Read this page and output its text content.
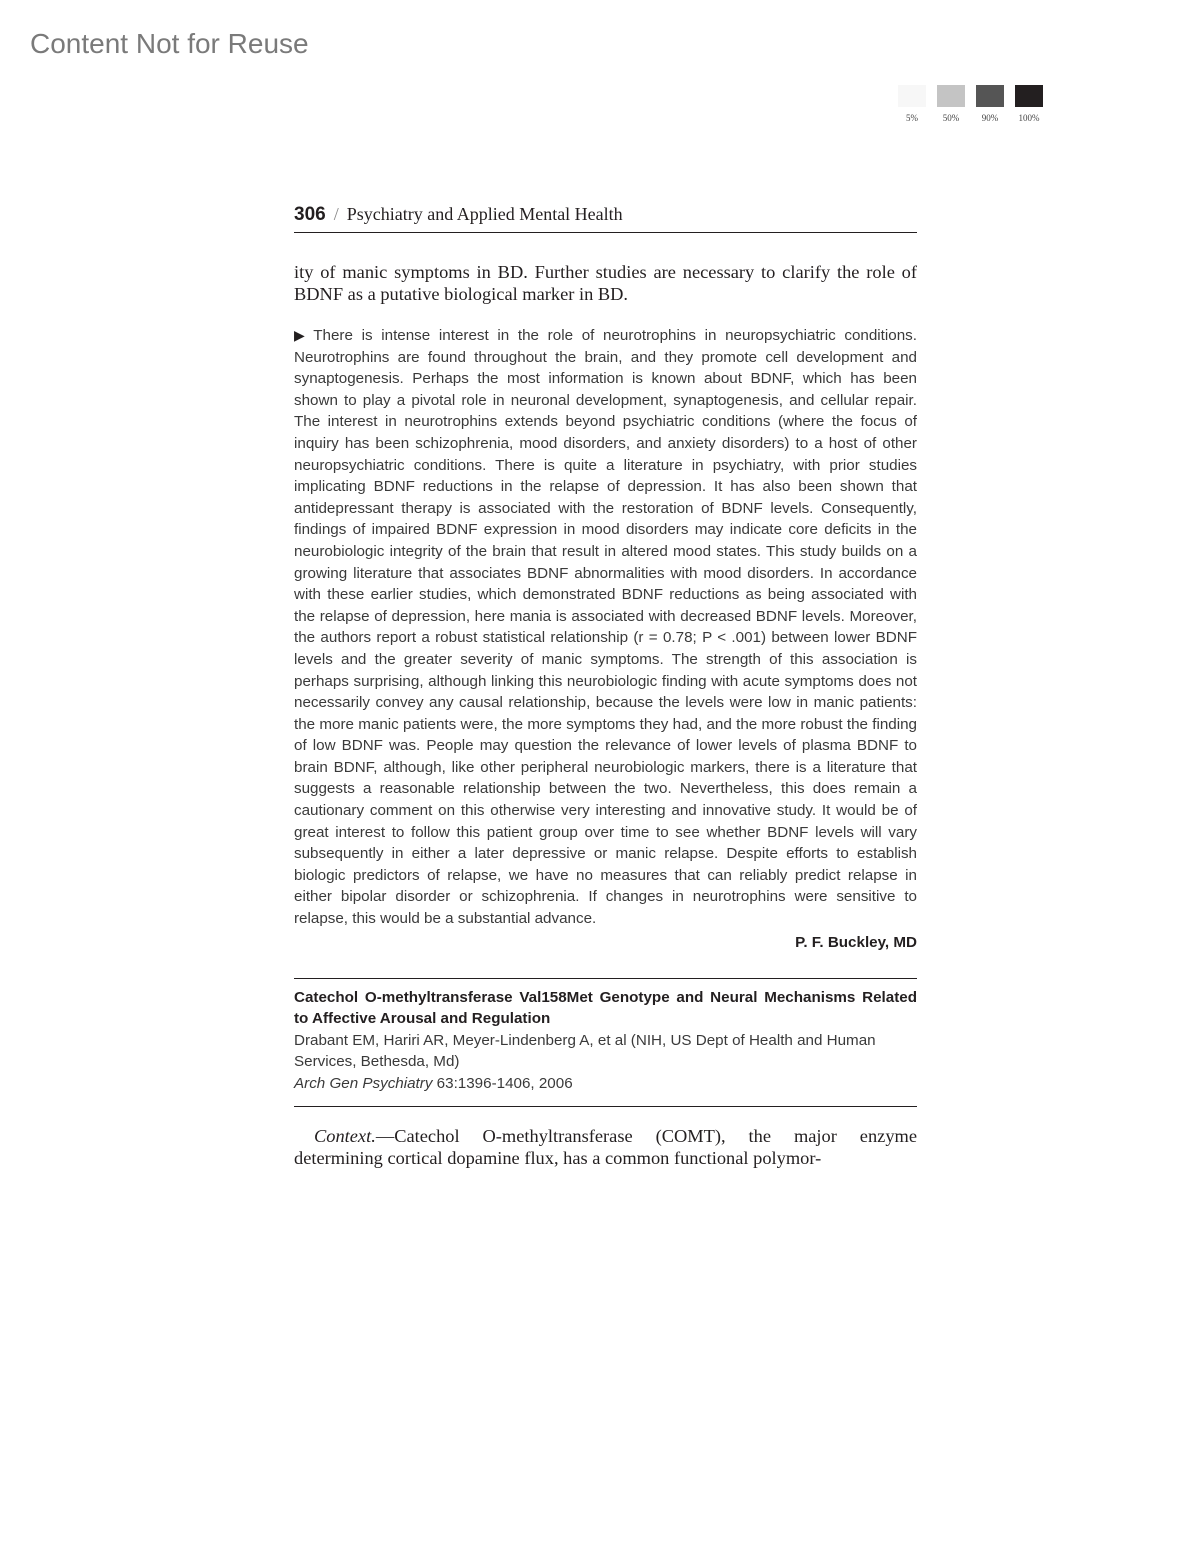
Content Not for Reuse
5%	50%	90% 100%
306 / Psychiatry and Applied Mental Health

ity of manic symptoms in BD. Further studies are necessary to clarify the role of BDNF as a putative biological marker in BD.

▶ There is intense interest in the role of neurotrophins in neuropsychiatric conditions. Neurotrophins are found throughout the brain, and they promote cell development and synaptogenesis. Perhaps the most information is known about BDNF, which has been shown to play a pivotal role in neuronal development, synaptogenesis, and cellular repair. The interest in neurotrophins extends beyond psychiatric conditions (where the focus of inquiry has been schizophrenia, mood disorders, and anxiety disorders) to a host of other neuropsychiatric conditions. There is quite a literature in psychiatry, with prior studies implicating BDNF reductions in the relapse of depression. It has also been shown that antidepressant therapy is associated with the restoration of BDNF levels. Consequently, findings of impaired BDNF expression in mood disorders may indicate core deficits in the neurobiologic integrity of the brain that result in altered mood states. This study builds on a growing literature that associates BDNF abnormalities with mood disorders. In accordance with these earlier studies, which demonstrated BDNF reductions as being associated with the relapse of depression, here mania is associated with decreased BDNF levels. Moreover, the authors report a robust statistical relationship (r = 0.78; P < .001) between lower BDNF levels and the greater severity of manic symptoms. The strength of this association is perhaps surprising, although linking this neurobiologic finding with acute symptoms does not necessarily convey any causal relationship, because the levels were low in manic patients: the more manic patients were, the more symptoms they had, and the more robust the finding of low BDNF was. People may question the relevance of lower levels of plasma BDNF to brain BDNF, although, like other peripheral neurobiologic markers, there is a literature that suggests a reasonable relationship between the two. Nevertheless, this does remain a cautionary comment on this otherwise very interesting and innovative study. It would be of great interest to follow this patient group over time to see whether BDNF levels will vary subsequently in either a later depressive or manic relapse. Despite efforts to establish biologic predictors of relapse, we have no measures that can reliably predict relapse in either bipolar disorder or schizophrenia. If changes in neurotrophins were sensitive to relapse, this would be a substantial advance.

P. F. Buckley, MD

Catechol O-methyltransferase Val158Met Genotype and Neural Mechanisms Related to Affective Arousal and Regulation

Drabant EM, Hariri AR, Meyer-Lindenberg A, et al (NIH, US Dept of Health and Human Services, Bethesda, Md)

Arch Gen Psychiatry 63:1396-1406, 2006

Context.—Catechol O-methyltransferase (COMT), the major enzyme determining cortical dopamine flux, has a common functional polymor-
